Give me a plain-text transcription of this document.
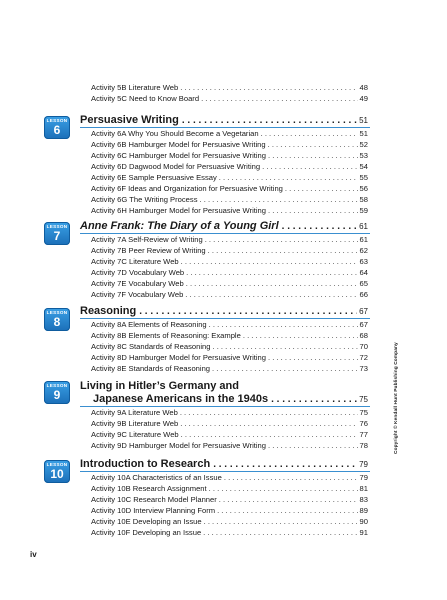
Activity 5B Literature Web . . .	48
Activity 5C Need to Know Board . . .	49
LESSON
6
Persuasive Writing . . .	51
Activity 6A Why You Should Become a Vegetarian . . .	51
Activity 6B Hamburger Model for Persuasive Writing . . .	52
Activity 6C Hamburger Model for Persuasive Writing . . .	53
Activity 6D Dagwood Model for Persuasive Writing . . .	54
Activity 6E Sample Persuasive Essay . . .	55
Activity 6F Ideas and Organization for Persuasive Writing . . .	56
Activity 6G The Writing Process . . .	58
Activity 6H Hamburger Model for Persuasive Writing . . .	59
LESSON
7
Anne Frank: The Diary of a Young Girl . . .	61
Activity 7A Self-Review of Writing . . .	61
Activity 7B Peer Review of Writing . . .	62
Activity 7C Literature Web . . .	63
Activity 7D Vocabulary Web . . .	64
Activity 7E Vocabulary Web . . .	65
Activity 7F Vocabulary Web . . .	66
LESSON
8
Reasoning . . .	67
Activity 8A Elements of Reasoning . . .	67
Activity 8B Elements of Reasoning: Example . . .	68
Activity 8C Standards of Reasoning . . .	70
Activity 8D Hamburger Model for Persuasive Writing . . .	72
Activity 8E Standards of Reasoning . . .	73
LESSON
9
Living in Hitler’s Germany and
Japanese Americans in the 1940s . . .	75
Activity 9A Literature Web . . .	75
Activity 9B Literature Web . . .	76
Activity 9C Literature Web . . .	77
Activity 9D Hamburger Model for Persuasive Writing . . .	78
LESSON
10
Introduction to Research . . .	79
Activity 10A Characteristics of an Issue . . .	79
Activity 10B Research Assignment . . .	81
Activity 10C Research Model Planner . . .	83
Activity 10D Interview Planning Form . . .	89
Activity 10E Developing an Issue . . .	90
Activity 10F Developing an Issue . . .	91
Copyright © Kendall Hunt Publishing Company
iv
